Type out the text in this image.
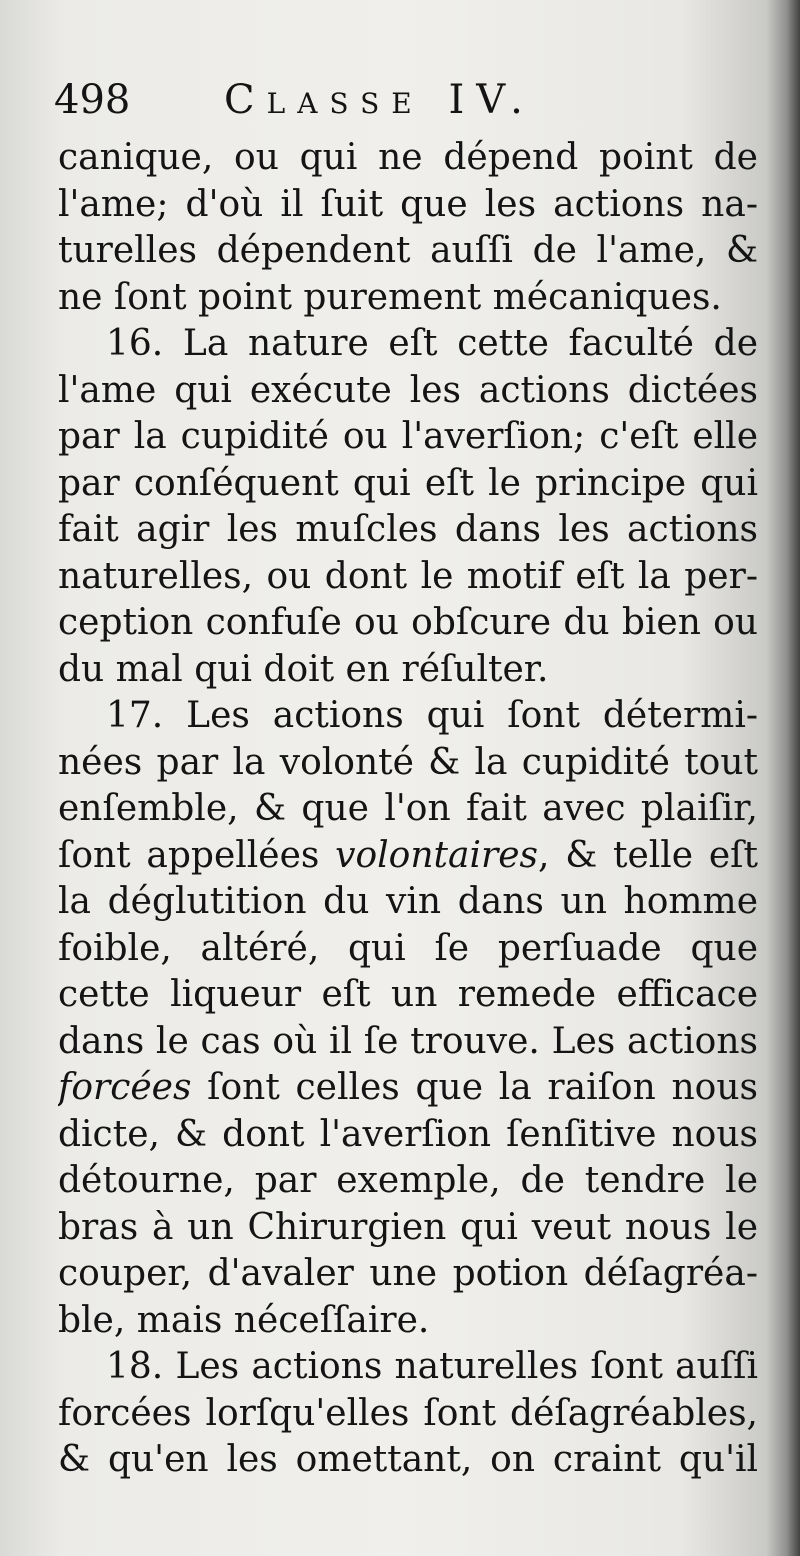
498 Classe IV.
canique, ou qui ne dépend point de
l'ame; d'où il ſuit que les actions na-
turelles dépendent auſſi de l'ame, &
ne ſont point purement mécaniques.
16. La nature eſt cette faculté de
l'ame qui exécute les actions dictées
par la cupidité ou l'averſion; c'eſt elle
par conſéquent qui eſt le principe qui
fait agir les muſcles dans les actions
naturelles, ou dont le motif eſt la per-
ception confuſe ou obſcure du bien ou
du mal qui doit en réſulter.
17. Les actions qui ſont détermi-
nées par la volonté & la cupidité tout
enſemble, & que l'on fait avec plaiſir,
ſont appellées volontaires, & telle eſt
la déglutition du vin dans un homme
foible, altéré, qui ſe perſuade que
cette liqueur eſt un remede efficace
dans le cas où il ſe trouve. Les actions
forcées ſont celles que la raiſon nous
dicte, & dont l'averſion ſenſitive nous
détourne, par exemple, de tendre le
bras à un Chirurgien qui veut nous le
couper, d'avaler une potion déſagréa-
ble, mais néceſſaire.
18. Les actions naturelles ſont auſſi
forcées lorſqu'elles ſont déſagréables,
& qu'en les omettant, on craint qu'il
